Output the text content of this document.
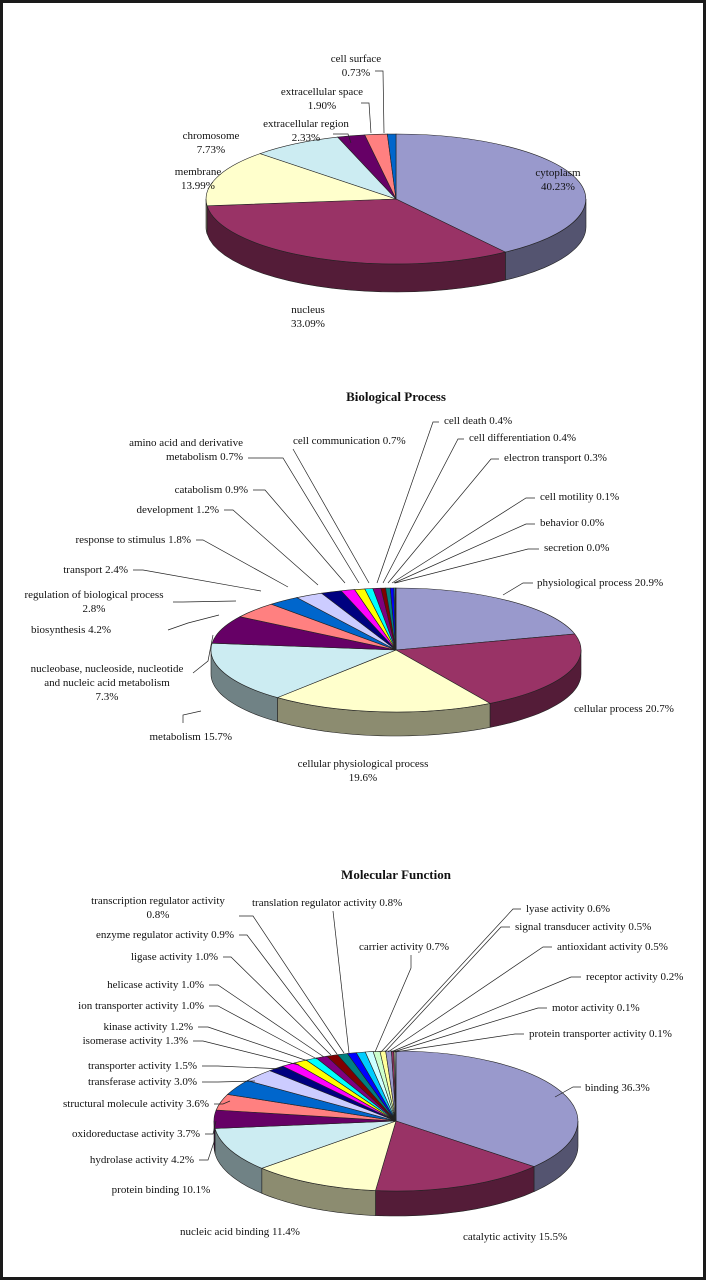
cytoplasm
40.23%
nucleus
33.09%
membrane
13.99%
chromosome
7.73%
extracellular region
2.33%
extracellular space
1.90%
cell surface
0.73%
Biological Process
physiological process 20.9%
cellular process 20.7%
cellular physiological process
19.6%
metabolism 15.7%
nucleobase, nucleoside, nucleotide
and nucleic acid metabolism
7.3%
biosynthesis 4.2%
regulation of biological process
2.8%
transport 2.4%
response to stimulus 1.8%
development 1.2%
catabolism 0.9%
amino acid and derivative
metabolism 0.7%
cell communication 0.7%
cell death 0.4%
cell differentiation 0.4%
electron transport 0.3%
cell motility 0.1%
behavior 0.0%
secretion 0.0%
Molecular Function
binding 36.3%
catalytic activity 15.5%
nucleic acid binding 11.4%
protein binding 10.1%
hydrolase activity 4.2%
oxidoreductase activity 3.7%
structural molecule activity 3.6%
transferase activity 3.0%
transporter activity 1.5%
isomerase activity 1.3%
kinase activity 1.2%
ion transporter activity 1.0%
helicase activity 1.0%
ligase activity 1.0%
enzyme regulator activity 0.9%
transcription regulator activity
0.8%
translation regulator activity 0.8%
carrier activity 0.7%
lyase activity 0.6%
signal transducer activity 0.5%
antioxidant activity 0.5%
receptor activity 0.2%
motor activity 0.1%
protein transporter activity 0.1%
